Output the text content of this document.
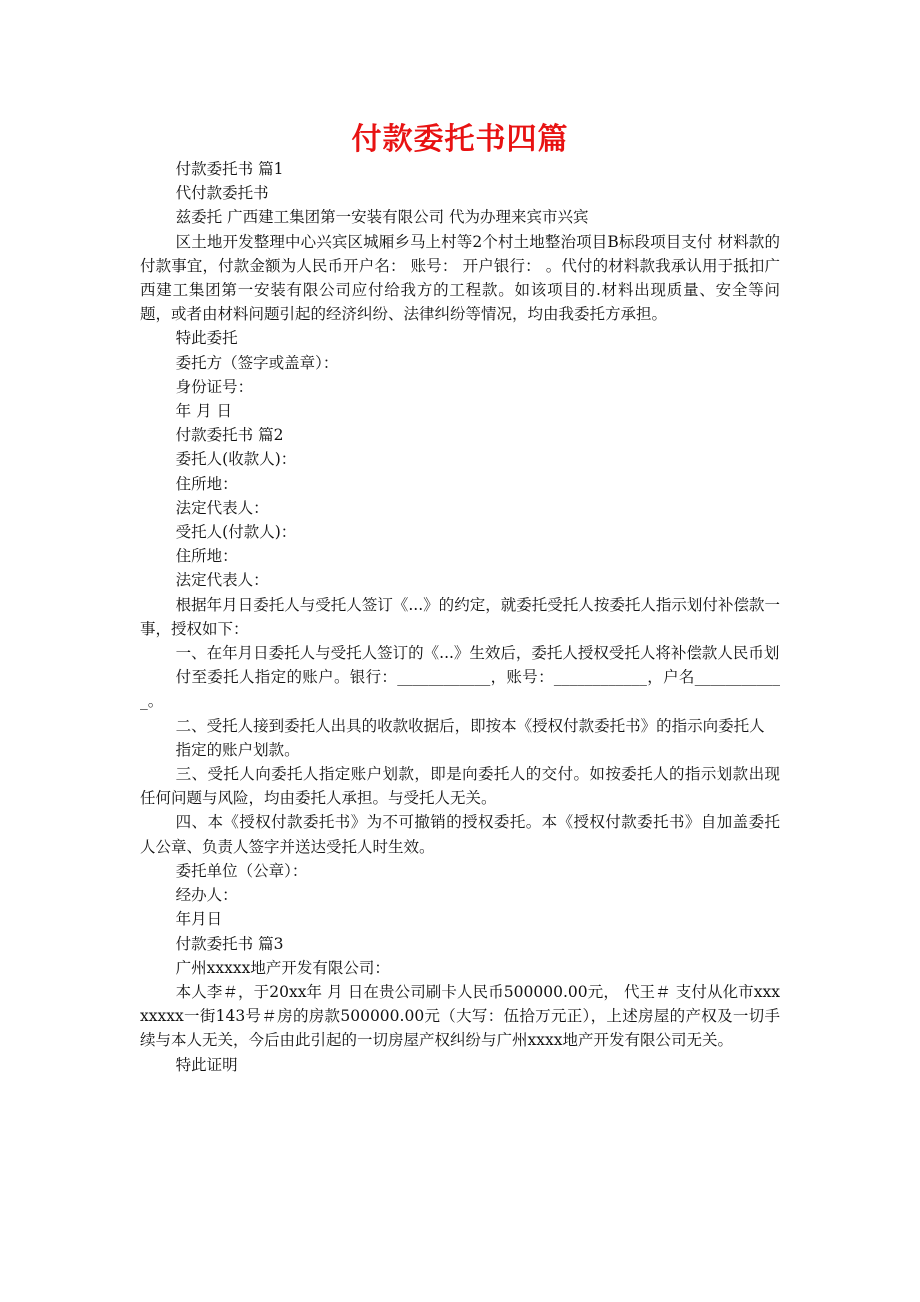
付款委托书四篇

付款委托书 篇1

代付款委托书

兹委托 广西建工集团第一安装有限公司 代为办理来宾市兴宾

区土地开发整理中心兴宾区城厢乡马上村等2个村土地整治项目B标段项目支付 材料款的付款事宜，付款金额为人民币开户名： 账号： 开户银行： 。代付的材料款我承认用于抵扣广西建工集团第一安装有限公司应付给我方的工程款。如该项目的.材料出现质量、安全等问题，或者由材料问题引起的经济纠纷、法律纠纷等情况，均由我委托方承担。

特此委托

委托方（签字或盖章）：

身份证号：

年 月 日

付款委托书 篇2

委托人(收款人)：

住所地：

法定代表人：

受托人(付款人)：

住所地：

法定代表人：

根据年月日委托人与受托人签订《...》的约定，就委托受托人按委托人指示划付补偿款一事，授权如下：

一、在年月日委托人与受托人签订的《...》生效后，委托人授权受托人将补偿款人民币划

付至委托人指定的账户。银行：____________，账号：____________，户名____________。

二、受托人接到委托人出具的收款收据后，即按本《授权付款委托书》的指示向委托人

指定的账户划款。

三、受托人向委托人指定账户划款，即是向委托人的交付。如按委托人的指示划款出现任何问题与风险，均由委托人承担。与受托人无关。

四、本《授权付款委托书》为不可撤销的授权委托。本《授权付款委托书》自加盖委托人公章、负责人签字并送达受托人时生效。

委托单位（公章）：

经办人：

年月日

付款委托书 篇3

广州xxxxx地产开发有限公司：

本人李＃，于20xx年 月 日在贵公司刷卡人民币500000.00元， 代王＃ 支付从化市xxxxxxxx一街143号＃房的房款500000.00元（大写：伍拾万元正），上述房屋的产权及一切手续与本人无关，今后由此引起的一切房屋产权纠纷与广州xxxx地产开发有限公司无关。

特此证明
